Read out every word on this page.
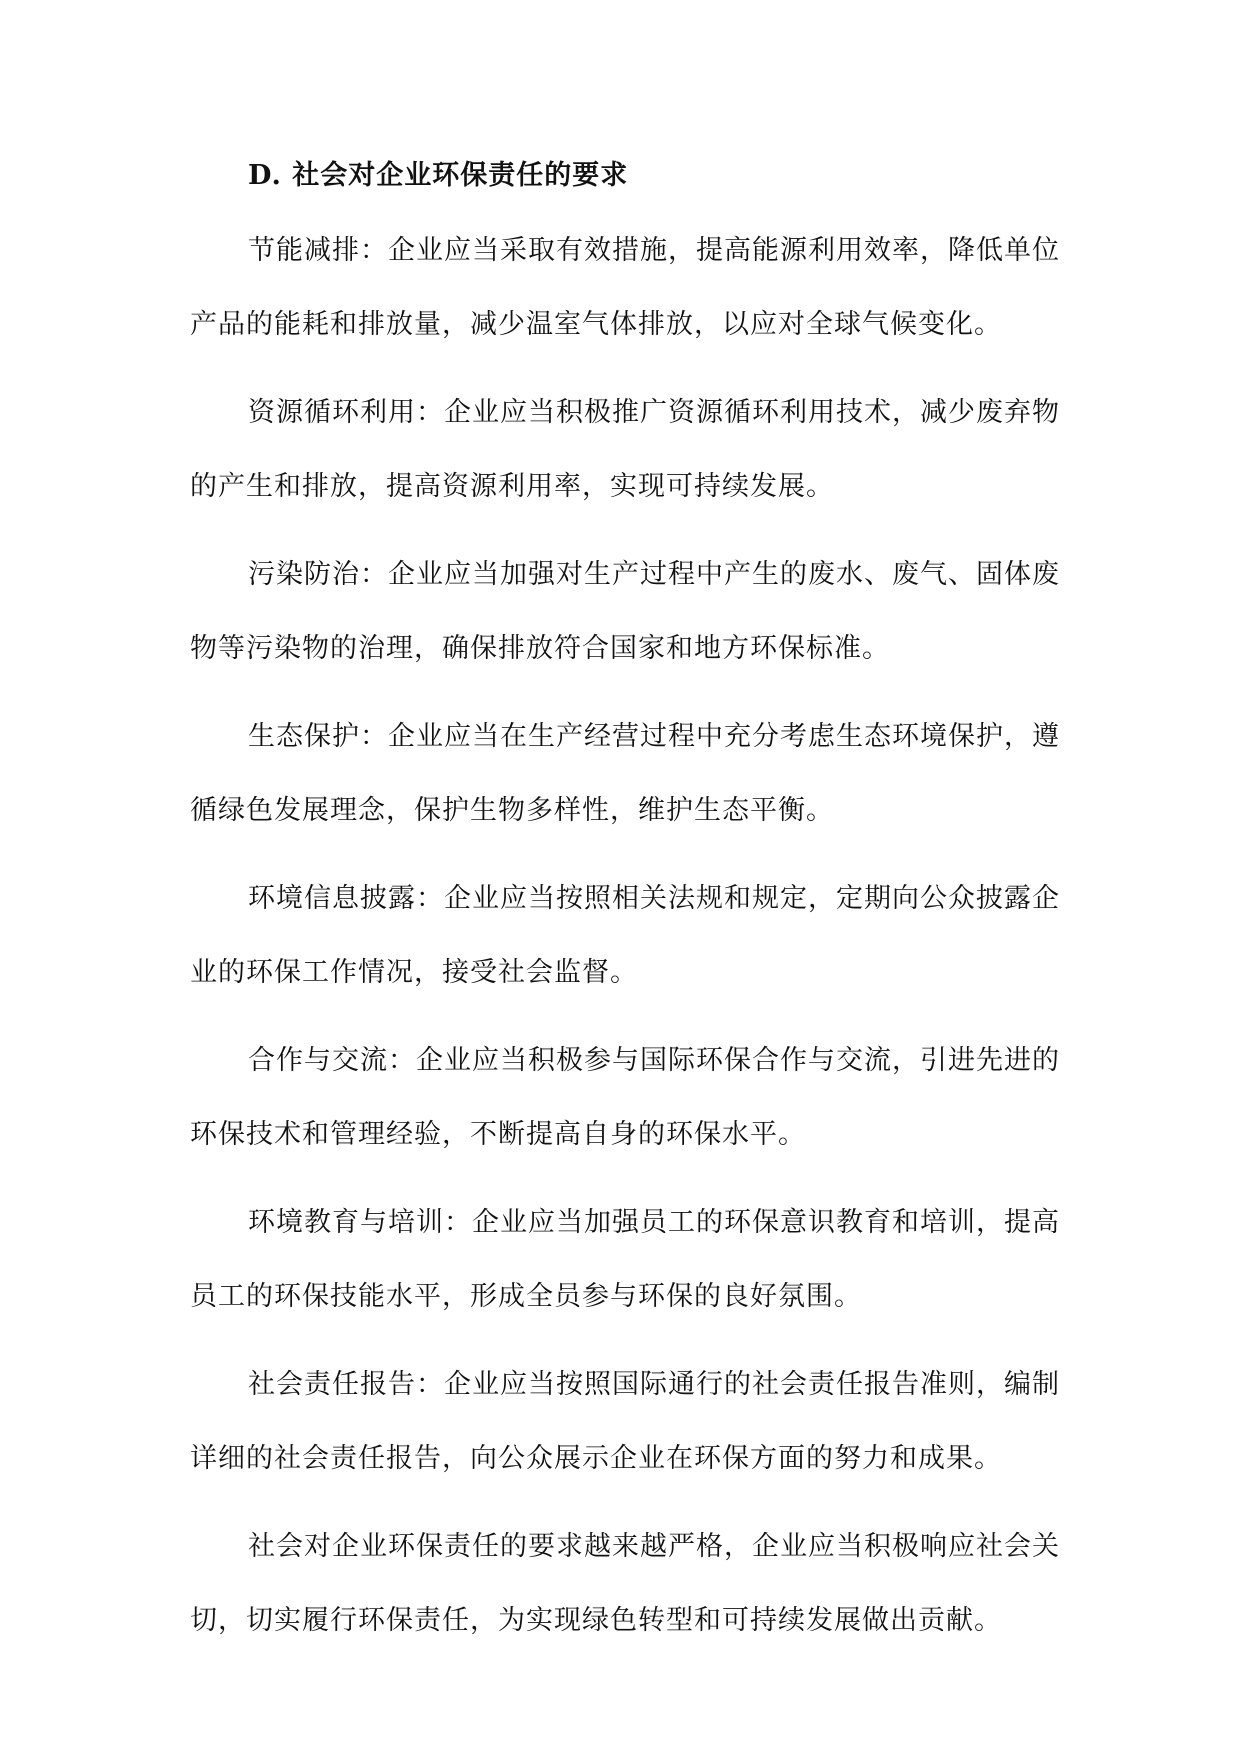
D. 社会对企业环保责任的要求

节能减排：企业应当采取有效措施，提高能源利用效率，降低单位产品的能耗和排放量，减少温室气体排放，以应对全球气候变化。

资源循环利用：企业应当积极推广资源循环利用技术，减少废弃物的产生和排放，提高资源利用率，实现可持续发展。

污染防治：企业应当加强对生产过程中产生的废水、废气、固体废物等污染物的治理，确保排放符合国家和地方环保标准。

生态保护：企业应当在生产经营过程中充分考虑生态环境保护，遵循绿色发展理念，保护生物多样性，维护生态平衡。

环境信息披露：企业应当按照相关法规和规定，定期向公众披露企业的环保工作情况，接受社会监督。

合作与交流：企业应当积极参与国际环保合作与交流，引进先进的环保技术和管理经验，不断提高自身的环保水平。

环境教育与培训：企业应当加强员工的环保意识教育和培训，提高员工的环保技能水平，形成全员参与环保的良好氛围。

社会责任报告：企业应当按照国际通行的社会责任报告准则，编制详细的社会责任报告，向公众展示企业在环保方面的努力和成果。

社会对企业环保责任的要求越来越严格，企业应当积极响应社会关切，切实履行环保责任，为实现绿色转型和可持续发展做出贡献。
